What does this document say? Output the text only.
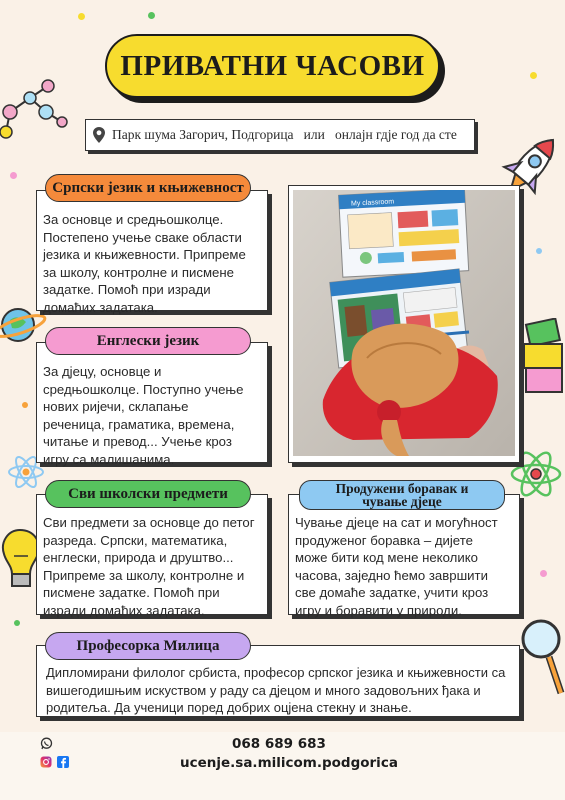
ПРИВАТНИ ЧАСОВИ
Парк шума Загорич, Подгорица   или   онлајн гдје год да сте
За основце и средњошколце.
Постепено учење сваке области
језика и књижевности. Припреме
за школу, контролне и писмене
задатке. Помоћ при изради
домаћих задатака.
Српски језик и књижевност
За дјецу, основце и
средњошколце. Поступно учење
нових ријечи, склапање
реченица, граматика, времена,
читање и превод... Учење кроз
игру са малишанима.
Енглески језик
My classroom
Сви предмети за основце до петог
разреда. Српски, математика,
енглески, природа и друштво...
Припреме за школу, контролне и
писмене задатке. Помоћ при
изради домаћих задатака.
Сви школски предмети
Чување дјеце на сат и могућност
продуженог боравка – дијете
може бити код мене неколико
часова, заједно ћемо завршити
све домаће задатке, учити кроз
игру и боравити у природи.
Продужени боравак и
чување дјеце
Дипломирани филолог србиста, професор српског језика и књижевности са
вишегодишњим искуством у раду са дјецом и много задовољних ђака и
родитеља. Да ученици поред добрих оцјена стекну и знање.
Професорка Милица
068 689 683
ucenje.sa.milicom.podgorica
